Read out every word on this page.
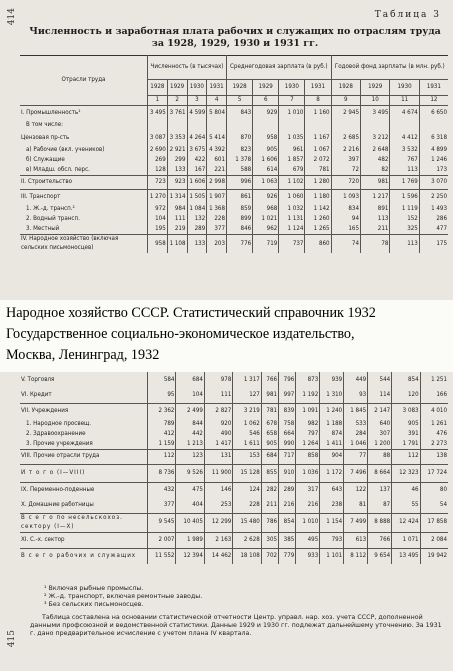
414
415
Таблица 3
Численность и заработная плата рабочих и служащих по отраслям труда
за 1928, 1929, 1930 и 1931 гг.
Отрасли труда	Численность (в тысячах)				Среднегодовая зарплата (в руб.)				Годовой фонд зарплаты (в млн. руб.)			
	1928	1929	1930	1931	1928	1929	1930	1931	1928	1929	1930	1931
	1	2	3	4	5	6	7	8	9	10	11	12
I. Промышленность¹	3 495	3 761	4 599	5 804	843	929	1 010	1 160	2 945	3 495	4 674	6 650
В том числе:												
Цензовая пр-сть	3 087	3 353	4 264	5 414	870	958	1 035	1 167	2 685	3 212	4 412	6 318
а) Рабочие (вкл. учеников)	2 690	2 921	3 675	4 392	823	905	961	1 067	2 216	2 648	3 532	4 899
б) Служащие	269	299	422	601	1 378	1 606	1 857	2 072	397	482	767	1 246
в) Младш. обсл. перс.	128	133	167	221	588	614	679	781	72	82	113	173
II. Строительство	723	923	1 606	2 998	996	1 063	1 102	1 280	720	981	1 769	3 070
III. Транспорт	1 270	1 314	1 505	1 907	861	926	1 060	1 180	1 093	1 217	1 596	2 250
1. Ж.-д. трансп.²	972	984	1 084	1 368	859	968	1 032	1 142	834	891	1 119	1 493
2. Водный трансп.	104	111	132	228	899	1 021	1 131	1 260	94	113	152	286
3. Местный	195	219	289	377	846	962	1 124	1 265	165	211	325	477
IV. Народное хозяйство (включая сельских письмоносцев)	958	1 108	133	203	776	719	737	860	74	78	113	175
Народное хозяйство СССР. Статистический справочник 1932
Государственное социально-экономическое издательство,
Москва, Ленинград, 1932
V. Торговля	584	684	978	1 317	766	796	873	939	449	544	854	1 251
VI. Кредит	95	104	111	127	981	997	1 192	1 310	93	114	120	166
VII. Учреждения	2 362	2 499	2 827	3 219	781	839	1 091	1 240	1 845	2 147	3 083	4 010
1. Народное просвещ.	789	844	920	1 062	678	758	982	1 188	533	640	905	1 261
2. Здравоохранение	412	442	490	546	658	664	797	874	284	307	391	476
3. Прочие учреждения	1 159	1 213	1 417	1 611	905	990	1 264	1 411	1 046	1 200	1 791	2 273
VIII. Прочие отрасли труда	112	123	131	153	684	717	858	904	77	88	112	138
И т о г о (I—VIII)	8 736	9 526	11 900	15 128	855	910	1 036	1 172	7 496	8 664	12 323	17 724
IX. Переменно-поденные	432	475	146	124	282	289	317	643	122	137	46	80
X. Домашние работницы	377	404	253	228	211	216	216	238	81	87	55	54
В с е г о по несельскохоз. сектору (I—X)	9 545	10 405	12 299	15 480	786	854	1 010	1 154	7 499	8 888	12 424	17 858
XI. С.-х. сектор	2 007	1 989	2 163	2 628	305	385	495	793	613	766	1 071	2 084
В с е г о рабочих и служащих	11 552	12 394	14 462	18 108	702	779	933	1 101	8 112	9 654	13 495	19 942
¹ Включая рыбные промыслы.
² Ж.-д. транспорт, включая ремонтные заводы.
³ Без сельских письмоносцев.
Таблица составлена на основании статистической отчетности Центр. управл. нар. хоз. учета СССР, дополненной данными профсоюзной и ведомственной статистики. Данные 1929 и 1930 гг. подлежат дальнейшему уточнению. За 1931 г. дано предварительное исчисление с учетом плана IV квартала.
